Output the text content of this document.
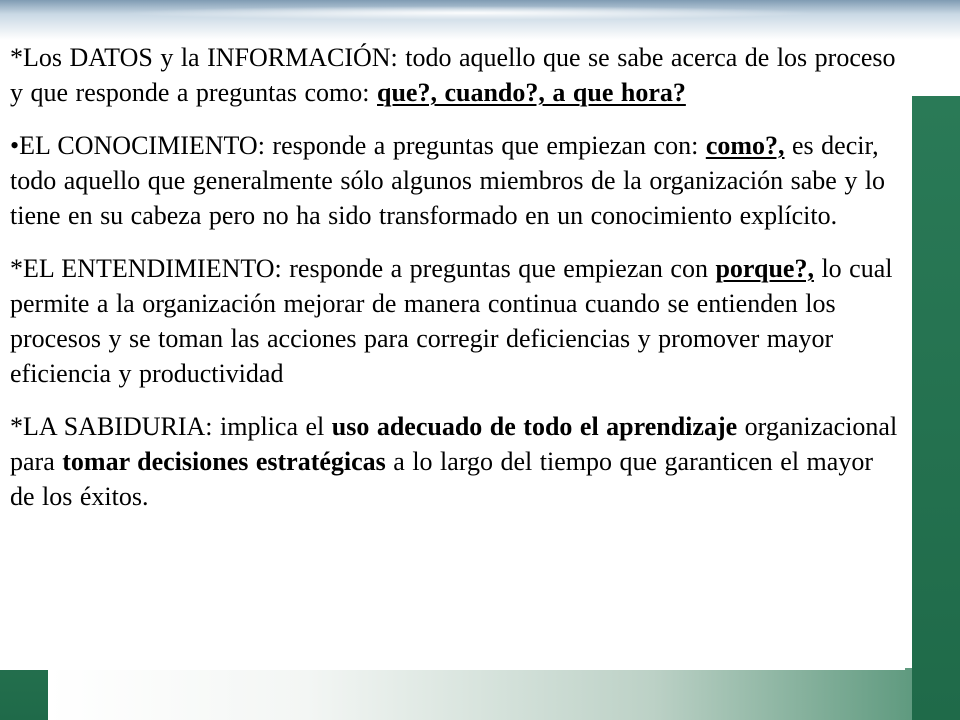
*Los DATOS y la INFORMACIÓN: todo aquello que se sabe acerca de los proceso y que responde a preguntas como: que?, cuando?, a que hora?

•EL CONOCIMIENTO: responde a preguntas que empiezan con: como?, es decir, todo aquello que generalmente sólo algunos miembros de la organización sabe y lo tiene en su cabeza pero no ha sido transformado en un conocimiento explícito.

*EL ENTENDIMIENTO: responde a preguntas que empiezan con porque?, lo cual permite a la organización mejorar de manera continua cuando se entienden los procesos y se toman las acciones para corregir deficiencias y promover mayor eficiencia y productividad

*LA SABIDURIA: implica el uso adecuado de todo el aprendizaje organizacional para tomar decisiones estratégicas a lo largo del tiempo que garanticen el mayor de los éxitos.
